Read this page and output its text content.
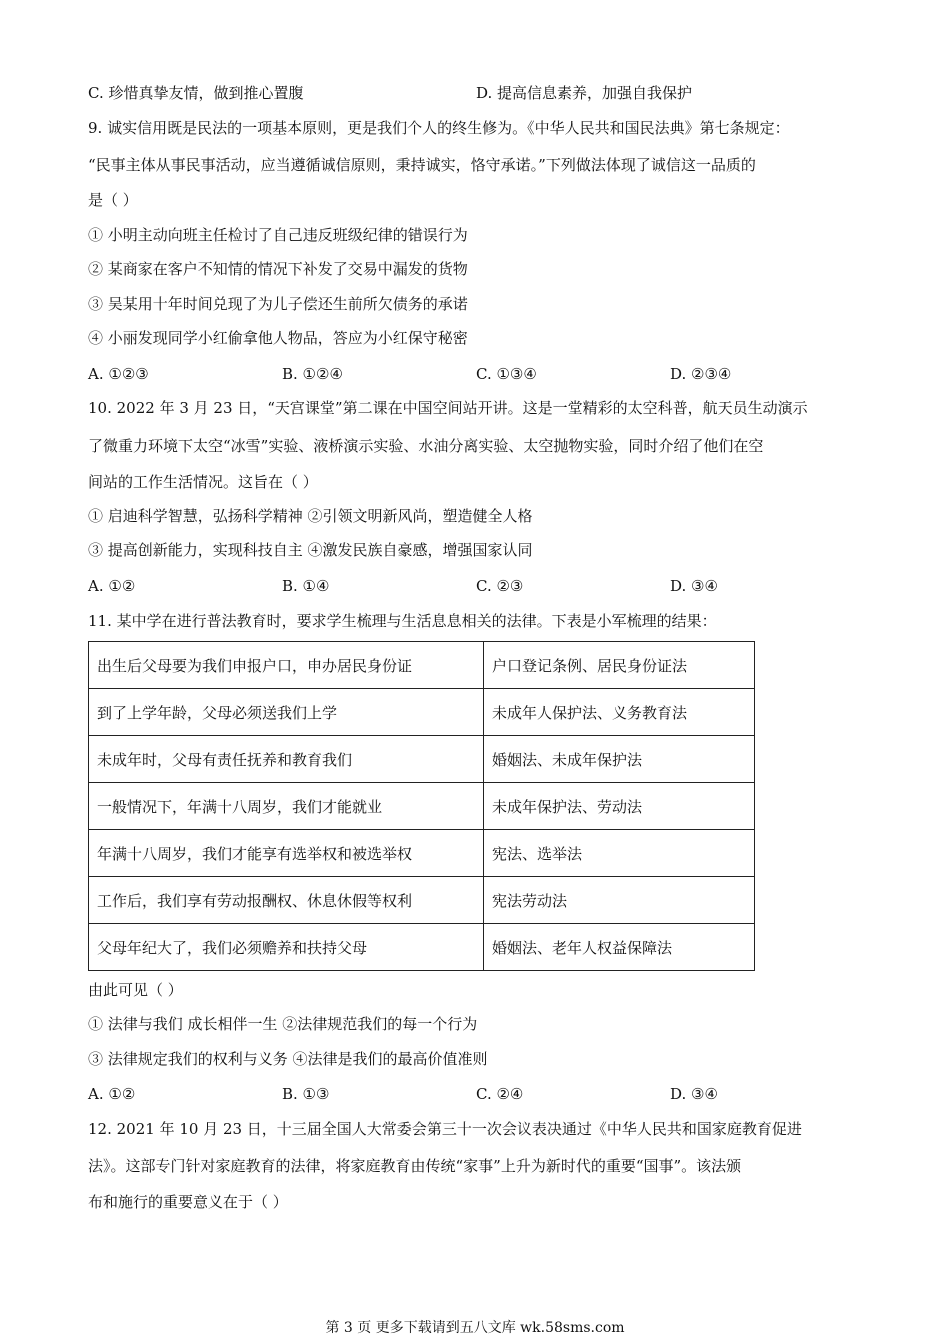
C. 珍惜真挚友情，做到推心置腹	D. 提高信息素养，加强自我保护
9. 诚实信用既是民法的一项基本原则，更是我们个人的终生修为。《中华人民共和国民法典》第七条规定：
“民事主体从事民事活动，应当遵循诚信原则，秉持诚实，恪守承诺。”下列做法体现了诚信这一品质的
是（ ）
① 小明主动向班主任检讨了自己违反班级纪律的错误行为
② 某商家在客户不知情的情况下补发了交易中漏发的货物
③ 吴某用十年时间兑现了为儿子偿还生前所欠债务的承诺
④ 小丽发现同学小红偷拿他人物品，答应为小红保守秘密
A. ①②③	B. ①②④	C. ①③④	D. ②③④
10. 2022 年 3 月 23 日，“天宫课堂”第二课在中国空间站开讲。这是一堂精彩的太空科普，航天员生动演示
了微重力环境下太空“冰雪”实验、液桥演示实验、水油分离实验、太空抛物实验，同时介绍了他们在空
间站的工作生活情况。这旨在（ ）
① 启迪科学智慧，弘扬科学精神 ②引领文明新风尚，塑造健全人格
③ 提高创新能力，实现科技自主 ④激发民族自豪感，增强国家认同
A. ①②	B. ①④	C. ②③	D. ③④
11. 某中学在进行普法教育时，要求学生梳理与生活息息相关的法律。下表是小军梳理的结果：
出生后父母要为我们申报户口，申办居民身份证	户口登记条例、居民身份证法
到了上学年龄，父母必须送我们上学	未成年人保护法、义务教育法
未成年时，父母有责任抚养和教育我们	婚姻法、未成年保护法
一般情况下，年满十八周岁，我们才能就业	未成年保护法、劳动法
年满十八周岁，我们才能享有选举权和被选举权	宪法、选举法
工作后，我们享有劳动报酬权、休息休假等权利	宪法劳动法
父母年纪大了，我们必须赡养和扶持父母	婚姻法、老年人权益保障法
由此可见（ ）
① 法律与我们 成长相伴一生 ②法律规范我们的每一个行为
③ 法律规定我们的权利与义务 ④法律是我们的最高价值准则
A. ①②	B. ①③	C. ②④	D. ③④
12. 2021 年 10 月 23 日，十三届全国人大常委会第三十一次会议表决通过《中华人民共和国家庭教育促进
法》。这部专门针对家庭教育的法律，将家庭教育由传统“家事”上升为新时代的重要“国事”。该法颁
布和施行的重要意义在于（ ）
第 3 页 更多下载请到五八文库 wk.58sms.com
